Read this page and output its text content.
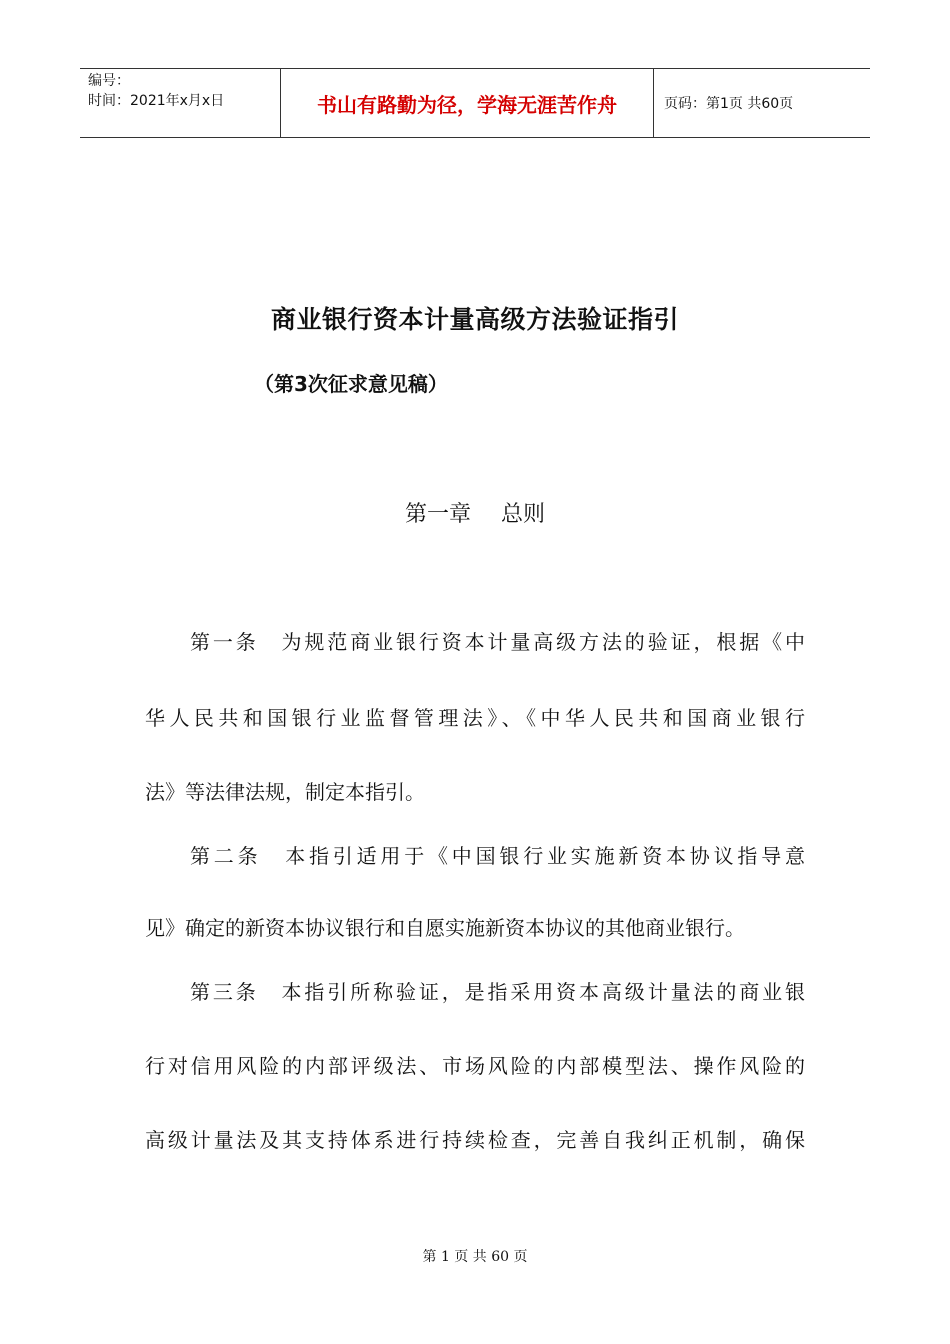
编号：
时间：2021年x月x日	书山有路勤为径，学海无涯苦作舟	页码：第1页 共60页
商业银行资本计量高级方法验证指引
（第3次征求意见稿）
第一章 总则
第一条　为规范商业银行资本计量高级方法的验证，根据《中
华人民共和国银行业监督管理法》、《中华人民共和国商业银行
法》等法律法规，制定本指引。
第二条　本指引适用于《中国银行业实施新资本协议指导意
见》确定的新资本协议银行和自愿实施新资本协议的其他商业银行。
第三条　本指引所称验证，是指采用资本高级计量法的商业银
行对信用风险的内部评级法、市场风险的内部模型法、操作风险的
高级计量法及其支持体系进行持续检查，完善自我纠正机制，确保
第 1 页 共 60 页
